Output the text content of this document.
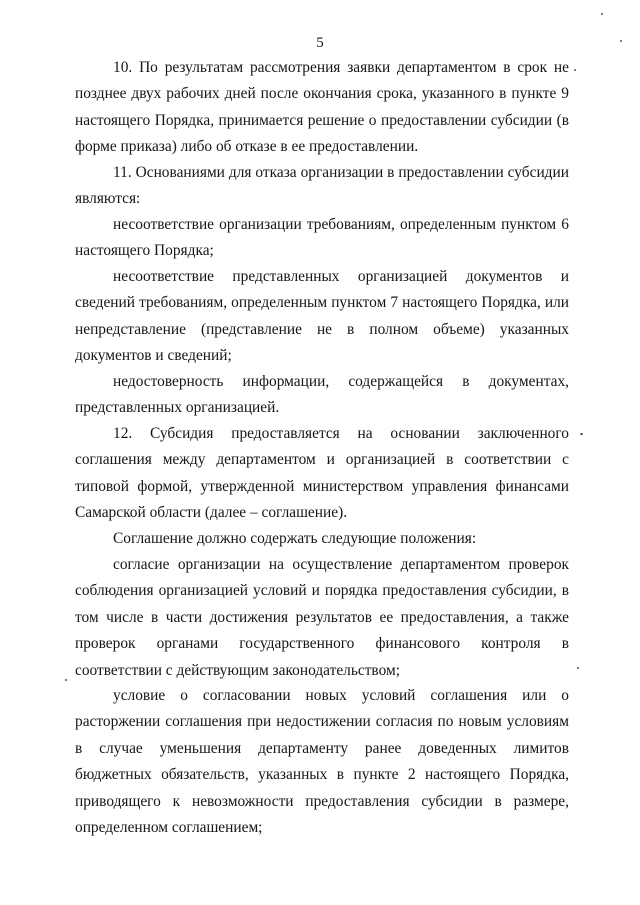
5

10. По результатам рассмотрения заявки департаментом в срок не позднее двух рабочих дней после окончания срока, указанного в пункте 9 настоящего Порядка, принимается решение о предоставлении субсидии (в форме приказа) либо об отказе в ее предоставлении.

11. Основаниями для отказа организации в предоставлении субсидии являются:

несоответствие организации требованиям, определенным пунктом 6 настоящего Порядка;

несоответствие представленных организацией документов и сведений требованиям, определенным пунктом 7 настоящего Порядка, или непредставление (представление не в полном объеме) указанных документов и сведений;

недостоверность информации, содержащейся в документах, представленных организацией.

12. Субсидия предоставляется на основании заключенного соглашения между департаментом и организацией в соответствии с типовой формой, утвержденной министерством управления финансами Самарской области (далее – соглашение).

Соглашение должно содержать следующие положения:

согласие организации на осуществление департаментом проверок соблюдения организацией условий и порядка предоставления субсидии, в том числе в части достижения результатов ее предоставления, а также проверок органами государственного финансового контроля в соответствии с действующим законодательством;

условие о согласовании новых условий соглашения или о расторжении соглашения при недостижении согласия по новым условиям в случае уменьшения департаменту ранее доведенных лимитов бюджетных обязательств, указанных в пункте 2 настоящего Порядка, приводящего к невозможности предоставления субсидии в размере, определенном соглашением;
